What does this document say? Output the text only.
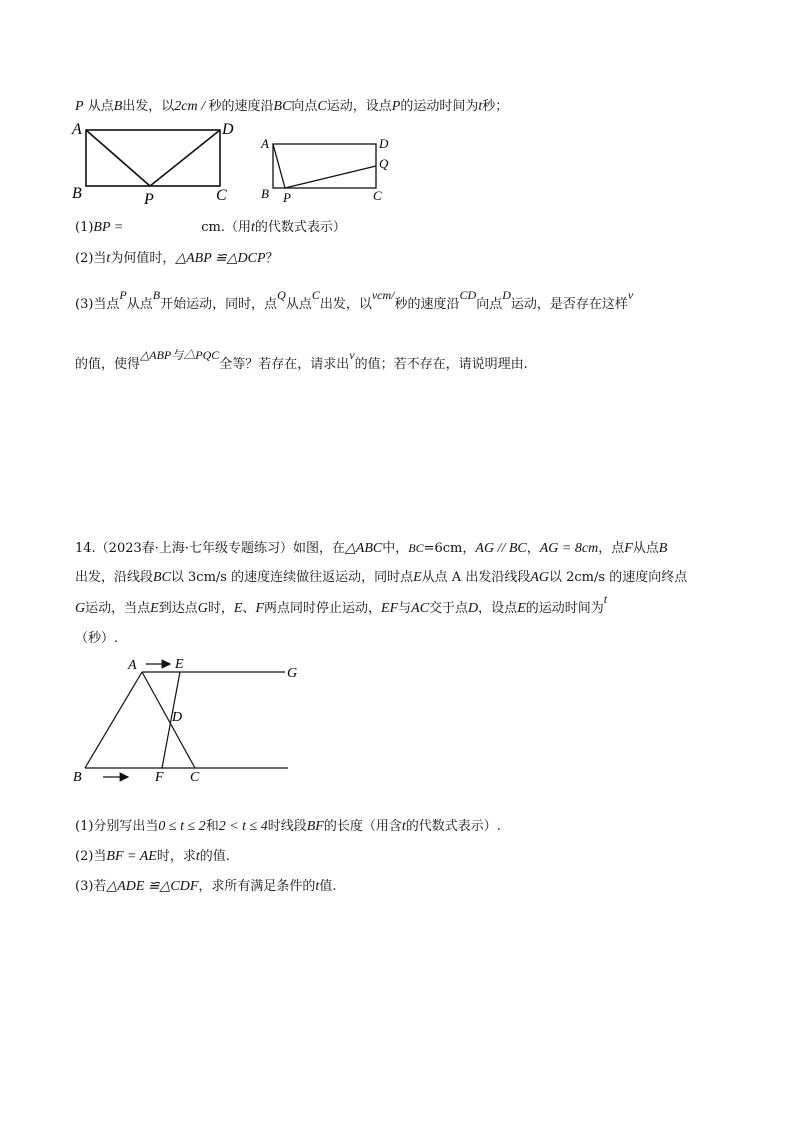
P 从点B出发，以2cm / 秒的速度沿BC向点C运动，设点P的运动时间为t秒；
A	D
B	P	C
A	D
Q
B P	C
(1)BP =	cm.（用t的代数式表示）
(2)当t为何值时，△ABP ≌△DCP？
(3)当点P从点B开始运动，同时，点Q从点C出发，以vcm/秒的速度沿CD向点D运动，是否存在这样v
的值，使得△ABP与△PQC全等？若存在，请求出v的值；若不存在，请说明理由.
14.（2023春·上海·七年级专题练习）如图，在△ABC中，BC=6cm，AG // BC，AG = 8cm，点F从点B
出发，沿线段BC以 3cm/s 的速度连续做往返运动，同时点E从点 A 出发沿线段AG以 2cm/s 的速度向终点
G运动，当点E到达点G时，E、F两点同时停止运动，EF与AC交于点D，设点E的运动时间为t
（秒）.
A	E
G
D
B	F C
(1)分别写出当0 ≤ t ≤ 2和2 < t ≤ 4时线段BF的长度（用含t的代数式表示）.
(2)当BF = AE时，求t的值.
(3)若△ADE ≌△CDF，求所有满足条件的t值.
